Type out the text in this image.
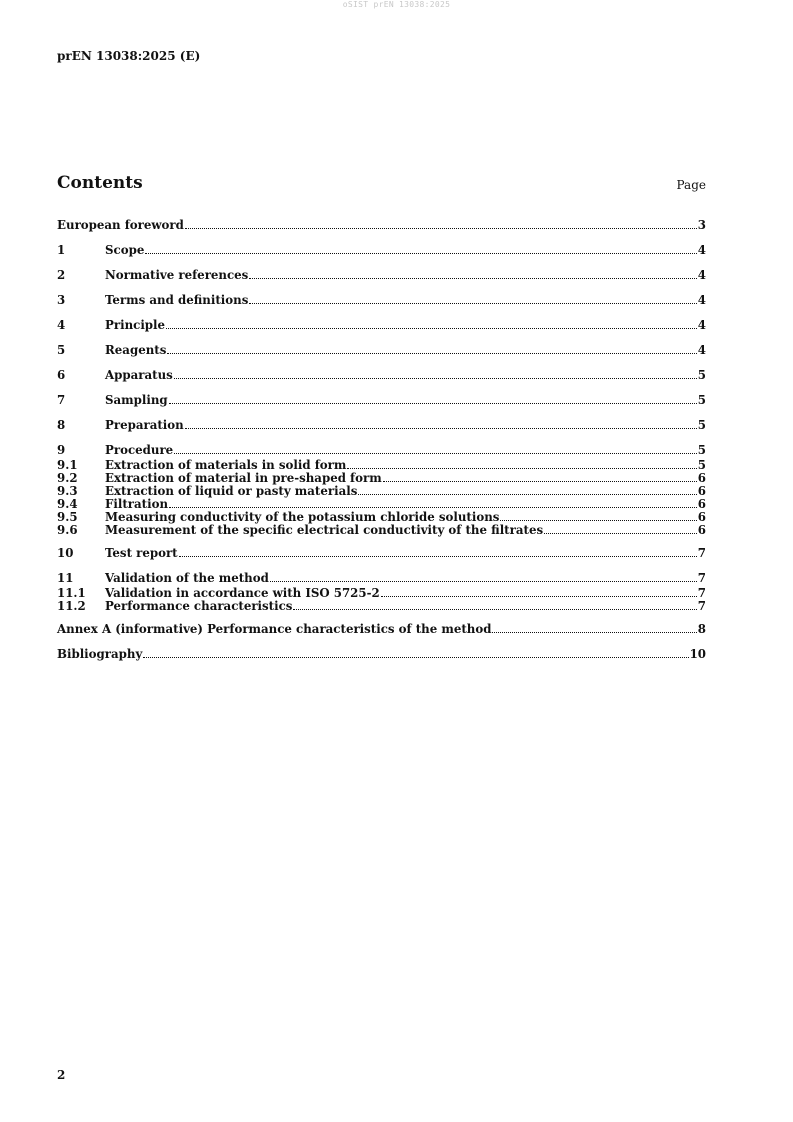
oSIST prEN 13038:2025
prEN 13038:2025 (E)
Contents	Page
European foreword	3
1	Scope	4
2	Normative references	4
3	Terms and definitions	4
4	Principle	4
5	Reagents	4
6	Apparatus	5
7	Sampling	5
8	Preparation	5
9	Procedure	5
9.1	Extraction of materials in solid form	5
9.2	Extraction of material in pre-shaped form	6
9.3	Extraction of liquid or pasty materials	6
9.4	Filtration	6
9.5	Measuring conductivity of the potassium chloride solutions	6
9.6	Measurement of the specific electrical conductivity of the filtrates	6
10	Test report	7
11	Validation of the method	7
11.1	Validation in accordance with ISO 5725-2	7
11.2	Performance characteristics	7
Annex A (informative) Performance characteristics of the method	8
Bibliography	10
2
